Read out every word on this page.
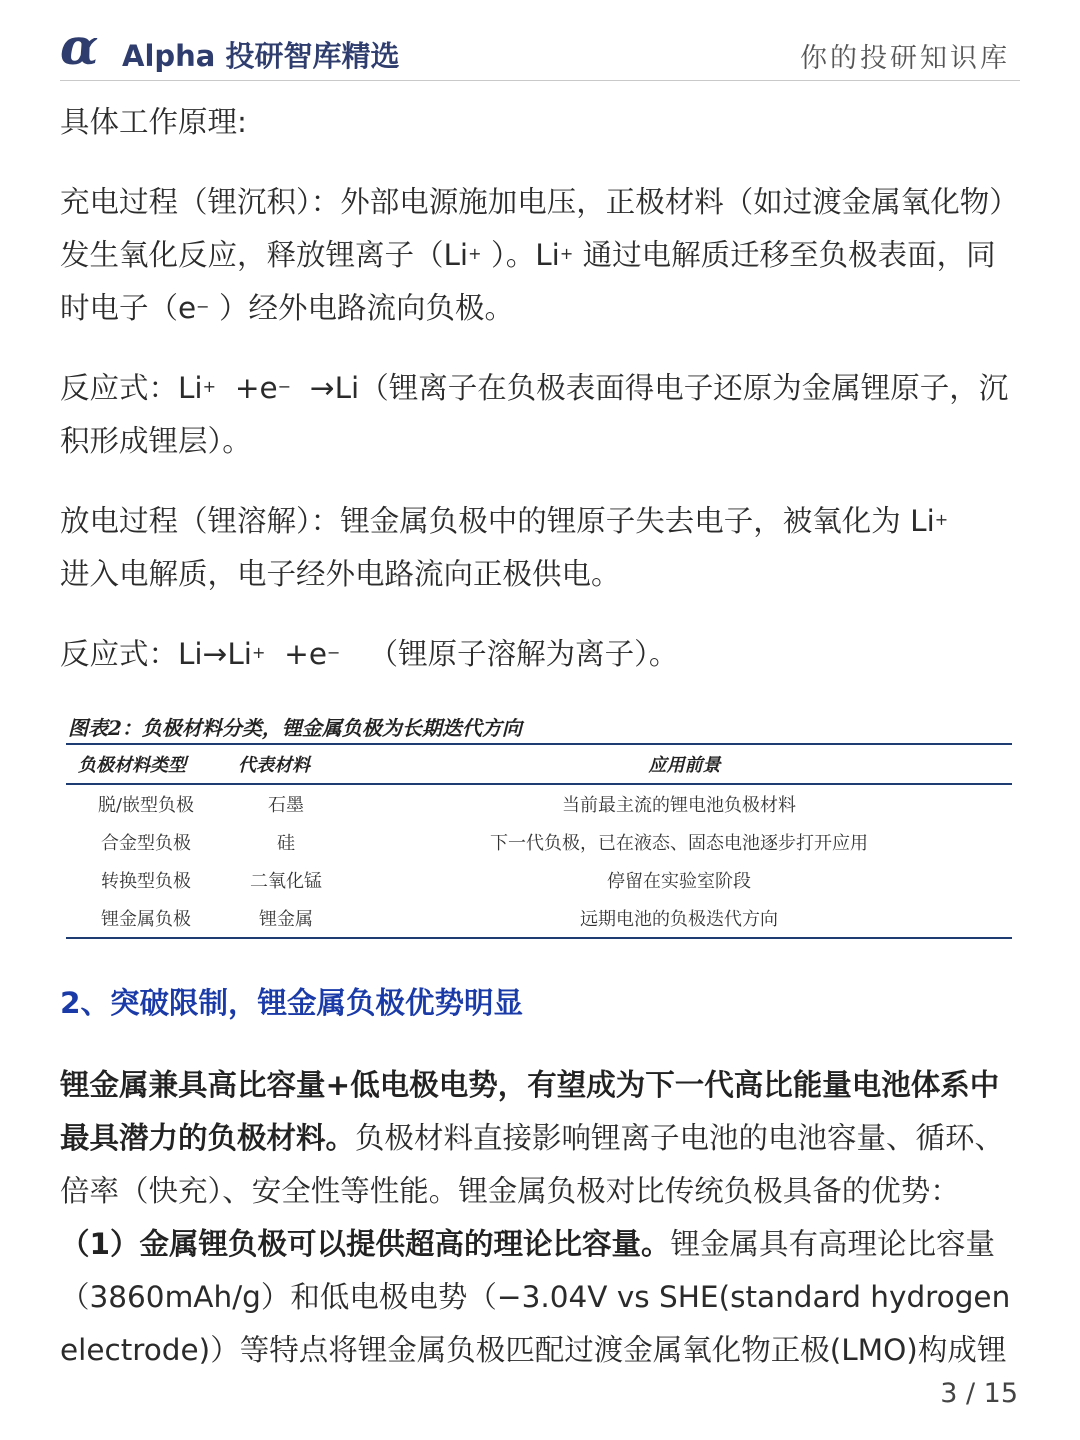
α Alpha 投研智库精选	你的投研知识库

具体工作原理:

充电过程（锂沉积）：外部电源施加电压，正极材料（如过渡金属氧化物）发生氧化反应，释放锂离子（Li+ ）。Li+ 通过电解质迁移至负极表面，同时电子（e− ）经外电路流向负极。

反应式：Li+ +e− →Li（锂离子在负极表面得电子还原为金属锂原子，沉积形成锂层）。

放电过程（锂溶解）：锂金属负极中的锂原子失去电子，被氧化为 Li+
进入电解质，电子经外电路流向正极供电。

反应式：Li→Li+ +e− （锂原子溶解为离子）。

图表2：负极材料分类，锂金属负极为长期迭代方向
负极材料类型	代表材料	应用前景
脱/嵌型负极	石墨	当前最主流的锂电池负极材料
合金型负极	硅	下一代负极，已在液态、固态电池逐步打开应用
转换型负极	二氧化锰	停留在实验室阶段
锂金属负极	锂金属	远期电池的负极迭代方向

2、突破限制，锂金属负极优势明显

锂金属兼具高比容量+低电极电势，有望成为下一代高比能量电池体系中最具潜力的负极材料。负极材料直接影响锂离子电池的电池容量、循环、倍率（快充）、安全性等性能。锂金属负极对比传统负极具备的优势：
（1）金属锂负极可以提供超高的理论比容量。锂金属具有高理论比容量（3860mAh/g）和低电极电势（−3.04V vs SHE(standard hydrogen electrode)）等特点将锂金属负极匹配过渡金属氧化物正极(LMO)构成锂

3 / 15
